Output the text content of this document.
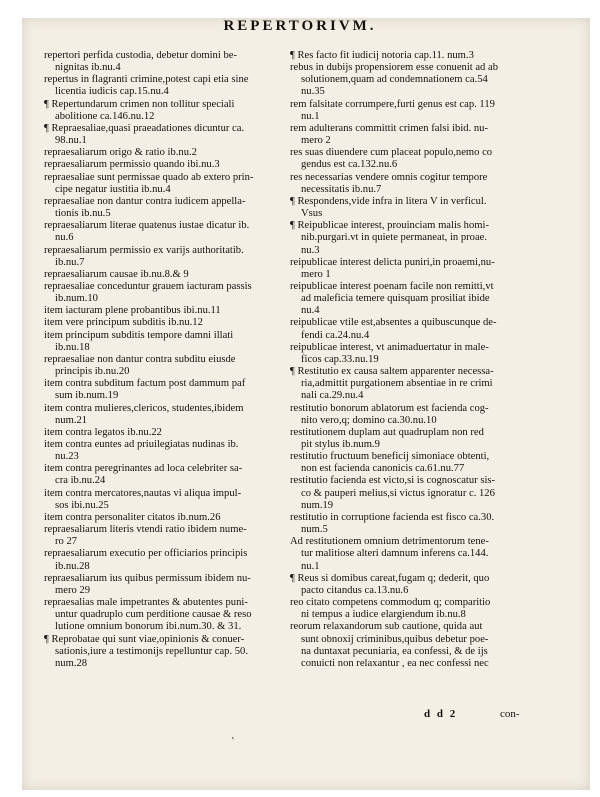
REPERTORIVM.
repertori perfida custodia, debetur domini be-
nignitas ib.nu.4
repertus in flagranti crimine,potest capi etia sine
licentia iudicis cap.15.nu.4
¶ Repertundarum crimen non tollitur speciali
abolitione ca.146.nu.12
¶ Repraesaliae,quasi praeadationes dicuntur ca.
98.nu.1
repraesaliarum origo & ratio ib.nu.2
repraesaliarum permissio quando ibi.nu.3
repraesaliae sunt permissae quado ab extero prin-
cipe negatur iustitia ib.nu.4
repraesaliae non dantur contra iudicem appella-
tionis ib.nu.5
repraesaliarum literae quatenus iustae dicatur ib.
nu.6
repraesaliarum permissio ex varijs authoritatib.
ib.nu.7
repraesaliarum causae ib.nu.8.& 9
repraesaliae conceduntur grauem iacturam passis
ib.num.10
item iacturam plene probantibus ibi.nu.11
item vere principum subditis ib.nu.12
item principum subditis tempore damni illati
ib.nu.18
repraesaliae non dantur contra subditu eiusde
principis ib.nu.20
item contra subditum factum post dammum paf
sum ib.num.19
item contra mulieres,clericos, studentes,ibidem
num.21
item contra legatos ib.nu.22
item contra euntes ad priuilegiatas nudinas ib.
nu.23
item contra peregrinantes ad loca celebriter sa-
cra ib.nu.24
item contra mercatores,nautas vi aliqua impul-
sos ibi.nu.25
item contra personaliter citatos ib.num.26
repraesaliarum literis vtendi ratio ibidem nume-
ro 27
repraesaliarum executio per officiarios principis
ib.nu.28
repraesaliarum ius quibus permissum ibidem nu-
mero 29
repraesalias male impetrantes & abutentes puni-
untur quadruplo cum perditione causae & reso
lutione omnium bonorum ibi.num.30. & 31.
¶ Reprobatae qui sunt viae,opinionis & conuer-
sationis,iure a testimonijs repelluntur cap. 50.
num.28
¶ Res facto fit iudicij notoria cap.11. num.3
rebus in dubijs propensiorem esse conuenit ad ab
solutionem,quam ad condemnationem ca.54
nu.35
rem falsitate corrumpere,furti genus est cap. 119
nu.1
rem adulterans committit crimen falsi ibid. nu-
mero 2
res suas diuendere cum placeat populo,nemo co
gendus est ca.132.nu.6
res necessarias vendere omnis cogitur tempore
necessitatis ib.nu.7
¶ Respondens,vide infra in litera V in verficul.
Vsus
¶ Reipublicae interest, prouinciam malis homi-
nib.purgari.vt in quiete permaneat, in proae.
nu.3
reipublicae interest delicta puniri,in proaemi,nu-
mero 1
reipublicae interest poenam facile non remitti,vt
ad maleficia temere quisquam prosiliat ibide
nu.4
reipublicae vtile est,absentes a quibuscunque de-
fendi ca.24.nu.4
reipublicae interest, vt animaduertatur in male-
ficos cap.33.nu.19
¶ Restitutio ex causa saltem apparenter necessa-
ria,admittit purgationem absentiae in re crimi
nali ca.29.nu.4
restitutio bonorum ablatorum est facienda cog-
nito vero,q; domino ca.30.nu.10
restitutionem duplam aut quadruplam non red
pit stylus ib.num.9
restitutio fructuum beneficij simoniace obtenti,
non est facienda canonicis ca.61.nu.77
restitutio facienda est victo,si is cognoscatur sis-
co & pauperi melius,si victus ignoratur c. 126
num.19
restitutio in corruptione facienda est fisco ca.30.
num.5
Ad restitutionem omnium detrimentorum tene-
tur malitiose alteri damnum inferens ca.144.
nu.1
¶ Reus si domibus careat,fugam q; dederit, quo
pacto citandus ca.13.nu.6
reo citato competens commodum q; comparitio
ni tempus a iudice elargiendum ib.nu.8
reorum relaxandorum sub cautione, quida aut
sunt obnoxij criminibus,quibus debetur poe-
na duntaxat pecuniaria, ea confessi, & de ijs
conuicti non relaxantur , ea nec confessi nec
d d 2	con-
'
